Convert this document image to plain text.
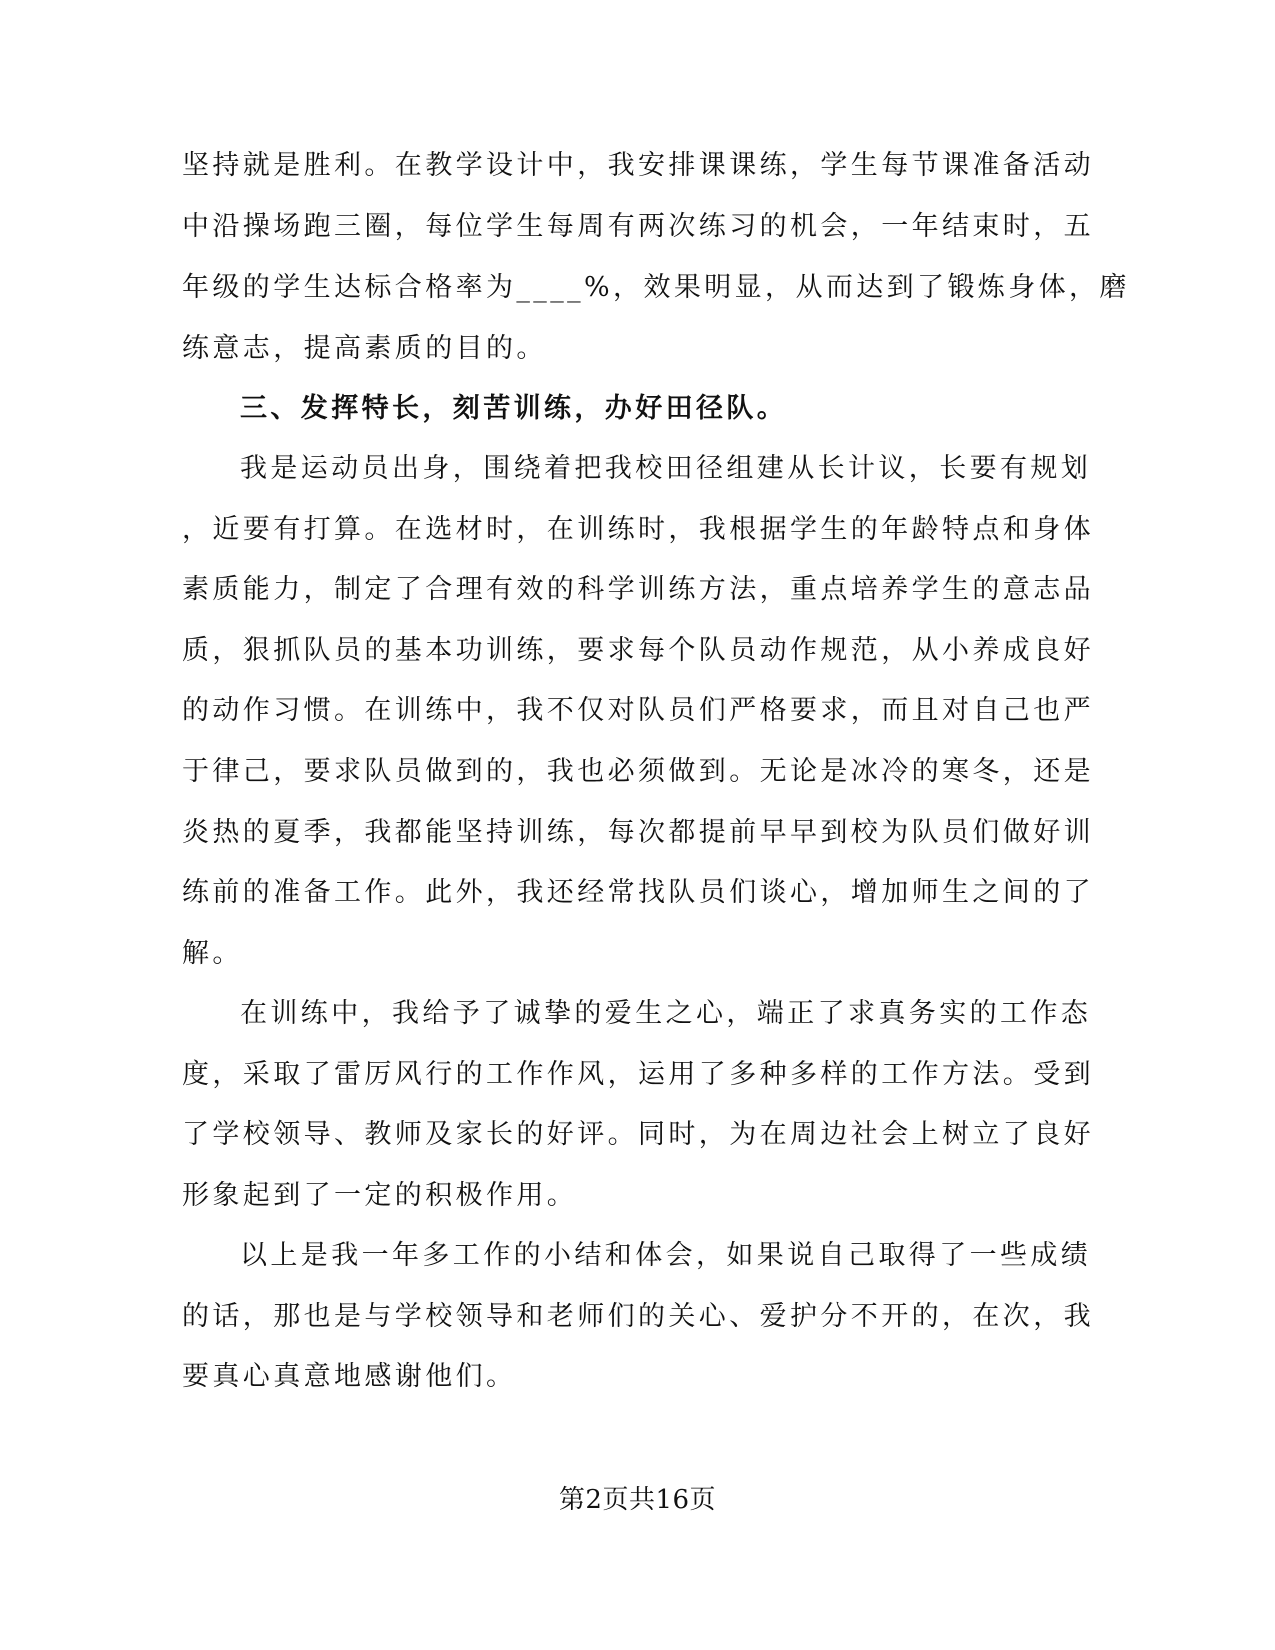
坚持就是胜利。在教学设计中，我安排课课练，学生每节课准备活动
中沿操场跑三圈，每位学生每周有两次练习的机会，一年结束时，五
年级的学生达标合格率为____%，效果明显，从而达到了锻炼身体，磨
练意志，提高素质的目的。
三、发挥特长，刻苦训练，办好田径队。
我是运动员出身，围绕着把我校田径组建从长计议，长要有规划
，近要有打算。在选材时，在训练时，我根据学生的年龄特点和身体
素质能力，制定了合理有效的科学训练方法，重点培养学生的意志品
质，狠抓队员的基本功训练，要求每个队员动作规范，从小养成良好
的动作习惯。在训练中，我不仅对队员们严格要求，而且对自己也严
于律己，要求队员做到的，我也必须做到。无论是冰冷的寒冬，还是
炎热的夏季，我都能坚持训练，每次都提前早早到校为队员们做好训
练前的准备工作。此外，我还经常找队员们谈心，增加师生之间的了
解。
在训练中，我给予了诚挚的爱生之心，端正了求真务实的工作态
度，采取了雷厉风行的工作作风，运用了多种多样的工作方法。受到
了学校领导、教师及家长的好评。同时，为在周边社会上树立了良好
形象起到了一定的积极作用。
以上是我一年多工作的小结和体会，如果说自己取得了一些成绩
的话，那也是与学校领导和老师们的关心、爱护分不开的，在次，我
要真心真意地感谢他们。
第2页共16页
